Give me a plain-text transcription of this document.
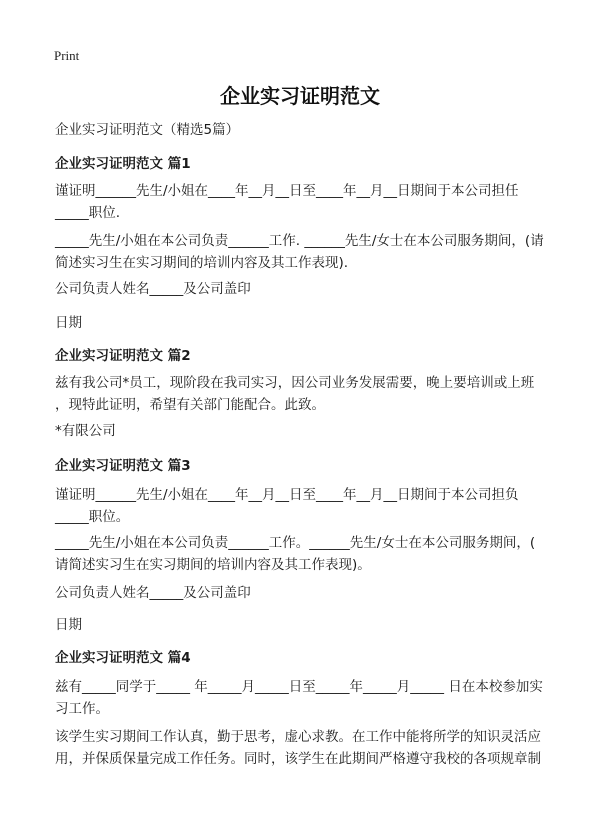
Print
企业实习证明范文
企业实习证明范文（精选5篇）
企业实习证明范文 篇1
谨证明______先生/小姐在____年__月__日至____年__月__日期间于本公司担任
_____职位.
_____先生/小姐在本公司负责______工作. ______先生/女士在本公司服务期间，(请
简述实习生在实习期间的培训内容及其工作表现).
公司负责人姓名_____及公司盖印
日期
企业实习证明范文 篇2
兹有我公司*员工，现阶段在我司实习，因公司业务发展需要，晚上要培训或上班
，现特此证明，希望有关部门能配合。此致。
*有限公司
企业实习证明范文 篇3
谨证明______先生/小姐在____年__月__日至____年__月__日期间于本公司担负
_____职位。
_____先生/小姐在本公司负责______工作。______先生/女士在本公司服务期间，(
请简述实习生在实习期间的培训内容及其工作表现)。
公司负责人姓名_____及公司盖印
日期
企业实习证明范文 篇4
兹有_____同学于_____ 年_____月_____日至_____年_____月_____ 日在本校参加实
习工作。
该学生实习期间工作认真，勤于思考，虚心求教。在工作中能将所学的知识灵活应
用，并保质保量完成工作任务。同时，该学生在此期间严格遵守我校的各项规章制
